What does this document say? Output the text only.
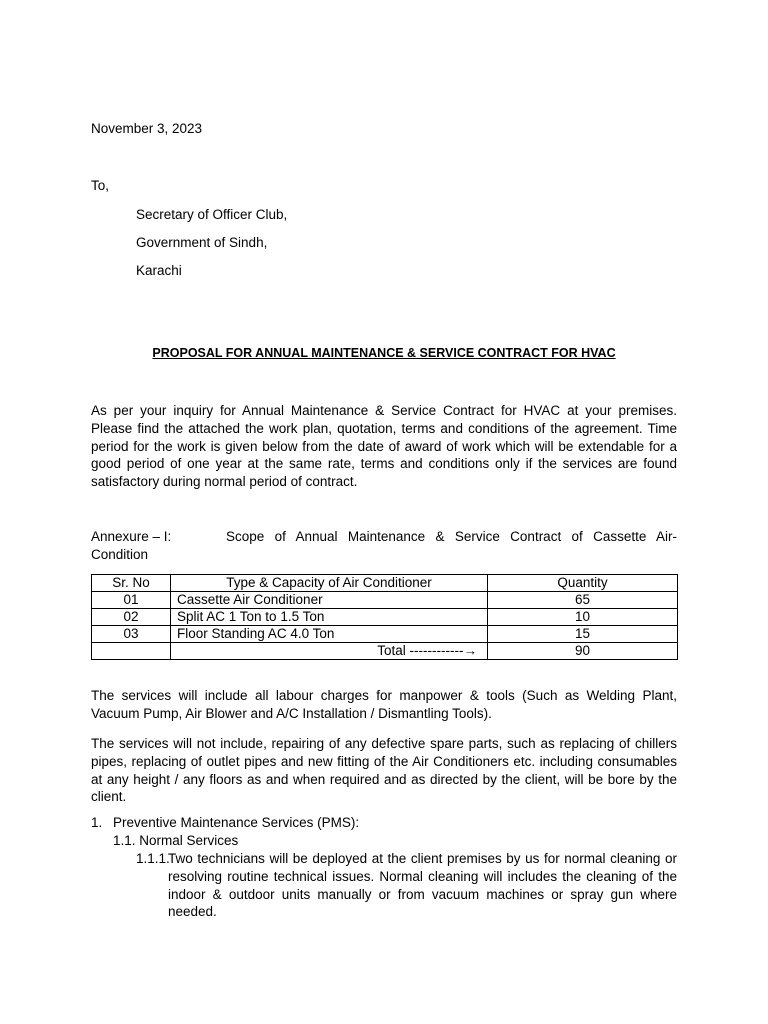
November 3, 2023
To,
Secretary of Officer Club,
Government of Sindh,
Karachi
PROPOSAL FOR ANNUAL MAINTENANCE & SERVICE CONTRACT FOR HVAC
As per your inquiry for Annual Maintenance & Service Contract for HVAC at your premises. Please find the attached the work plan, quotation, terms and conditions of the agreement. Time period for the work is given below from the date of award of work which will be extendable for a good period of one year at the same rate, terms and conditions only if the services are found satisfactory during normal period of contract.
Annexure – I:	Scope of Annual Maintenance & Service Contract of Cassette Air-
Condition
Sr. No	Type & Capacity of Air Conditioner	Quantity
01	Cassette Air Conditioner	65
02	Split AC 1 Ton to 1.5 Ton	10
03	Floor Standing AC 4.0 Ton	15
	Total ------------→	90
The services will include all labour charges for manpower & tools (Such as Welding Plant, Vacuum Pump, Air Blower and A/C Installation / Dismantling Tools).
The services will not include, repairing of any defective spare parts, such as replacing of chillers pipes, replacing of outlet pipes and new fitting of the Air Conditioners etc. including consumables at any height / any floors as and when required and as directed by the client, will be bore by the client.
1. Preventive Maintenance Services (PMS):
1.1. Normal Services
1.1.1.
Two technicians will be deployed at the client premises by us for normal cleaning or resolving routine technical issues. Normal cleaning will includes the cleaning of the indoor & outdoor units manually or from vacuum machines or spray gun where needed.
